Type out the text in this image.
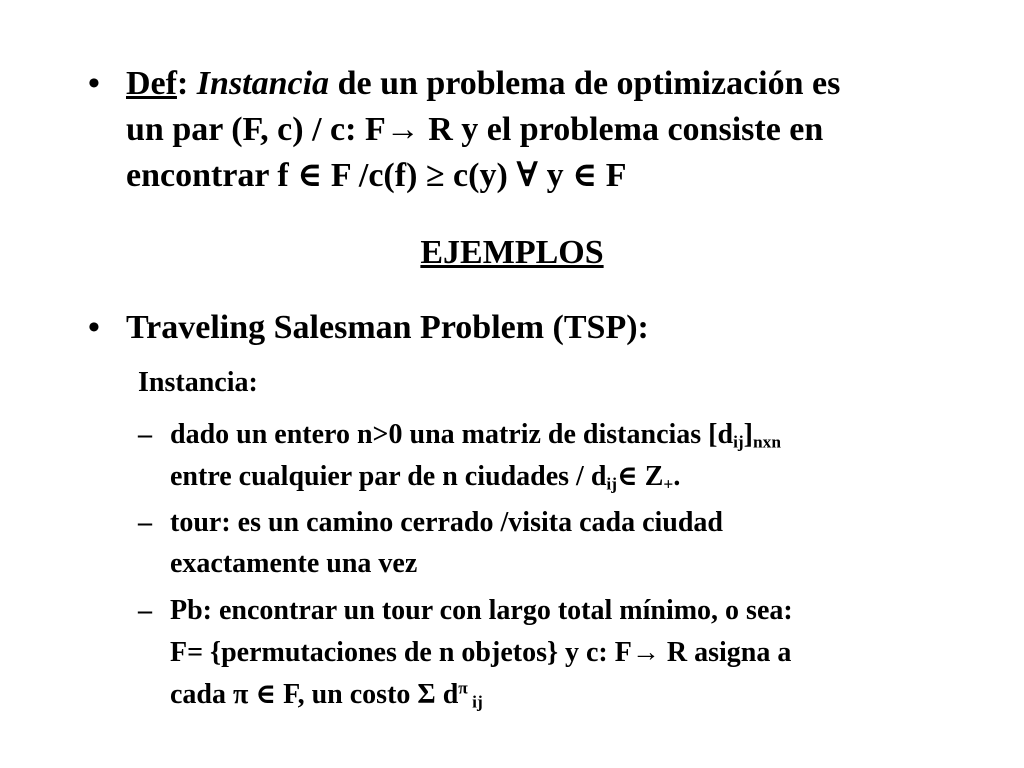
• Def: Instancia de un problema de optimización es
un par (F, c) / c: F→ R y el problema consiste en
encontrar f ∈ F /c(f) ≥ c(y) ∀ y ∈ F
EJEMPLOS
• Traveling Salesman Problem (TSP):
Instancia:
– dado un entero n>0 una matriz de distancias $[d_{ij}]_{nxn}$
entre cualquier par de n ciudades / $d_{ij}\in$ $Z_+$.
– tour: es un camino cerrado /visita cada ciudad
exactamente una vez
– Pb: encontrar un tour con largo total mínimo, o sea:
F= {permutaciones de n objetos} y c: F→ R asigna a
cada π ∈ F, un costo Σ $d^\pi$ $_{ij}$
